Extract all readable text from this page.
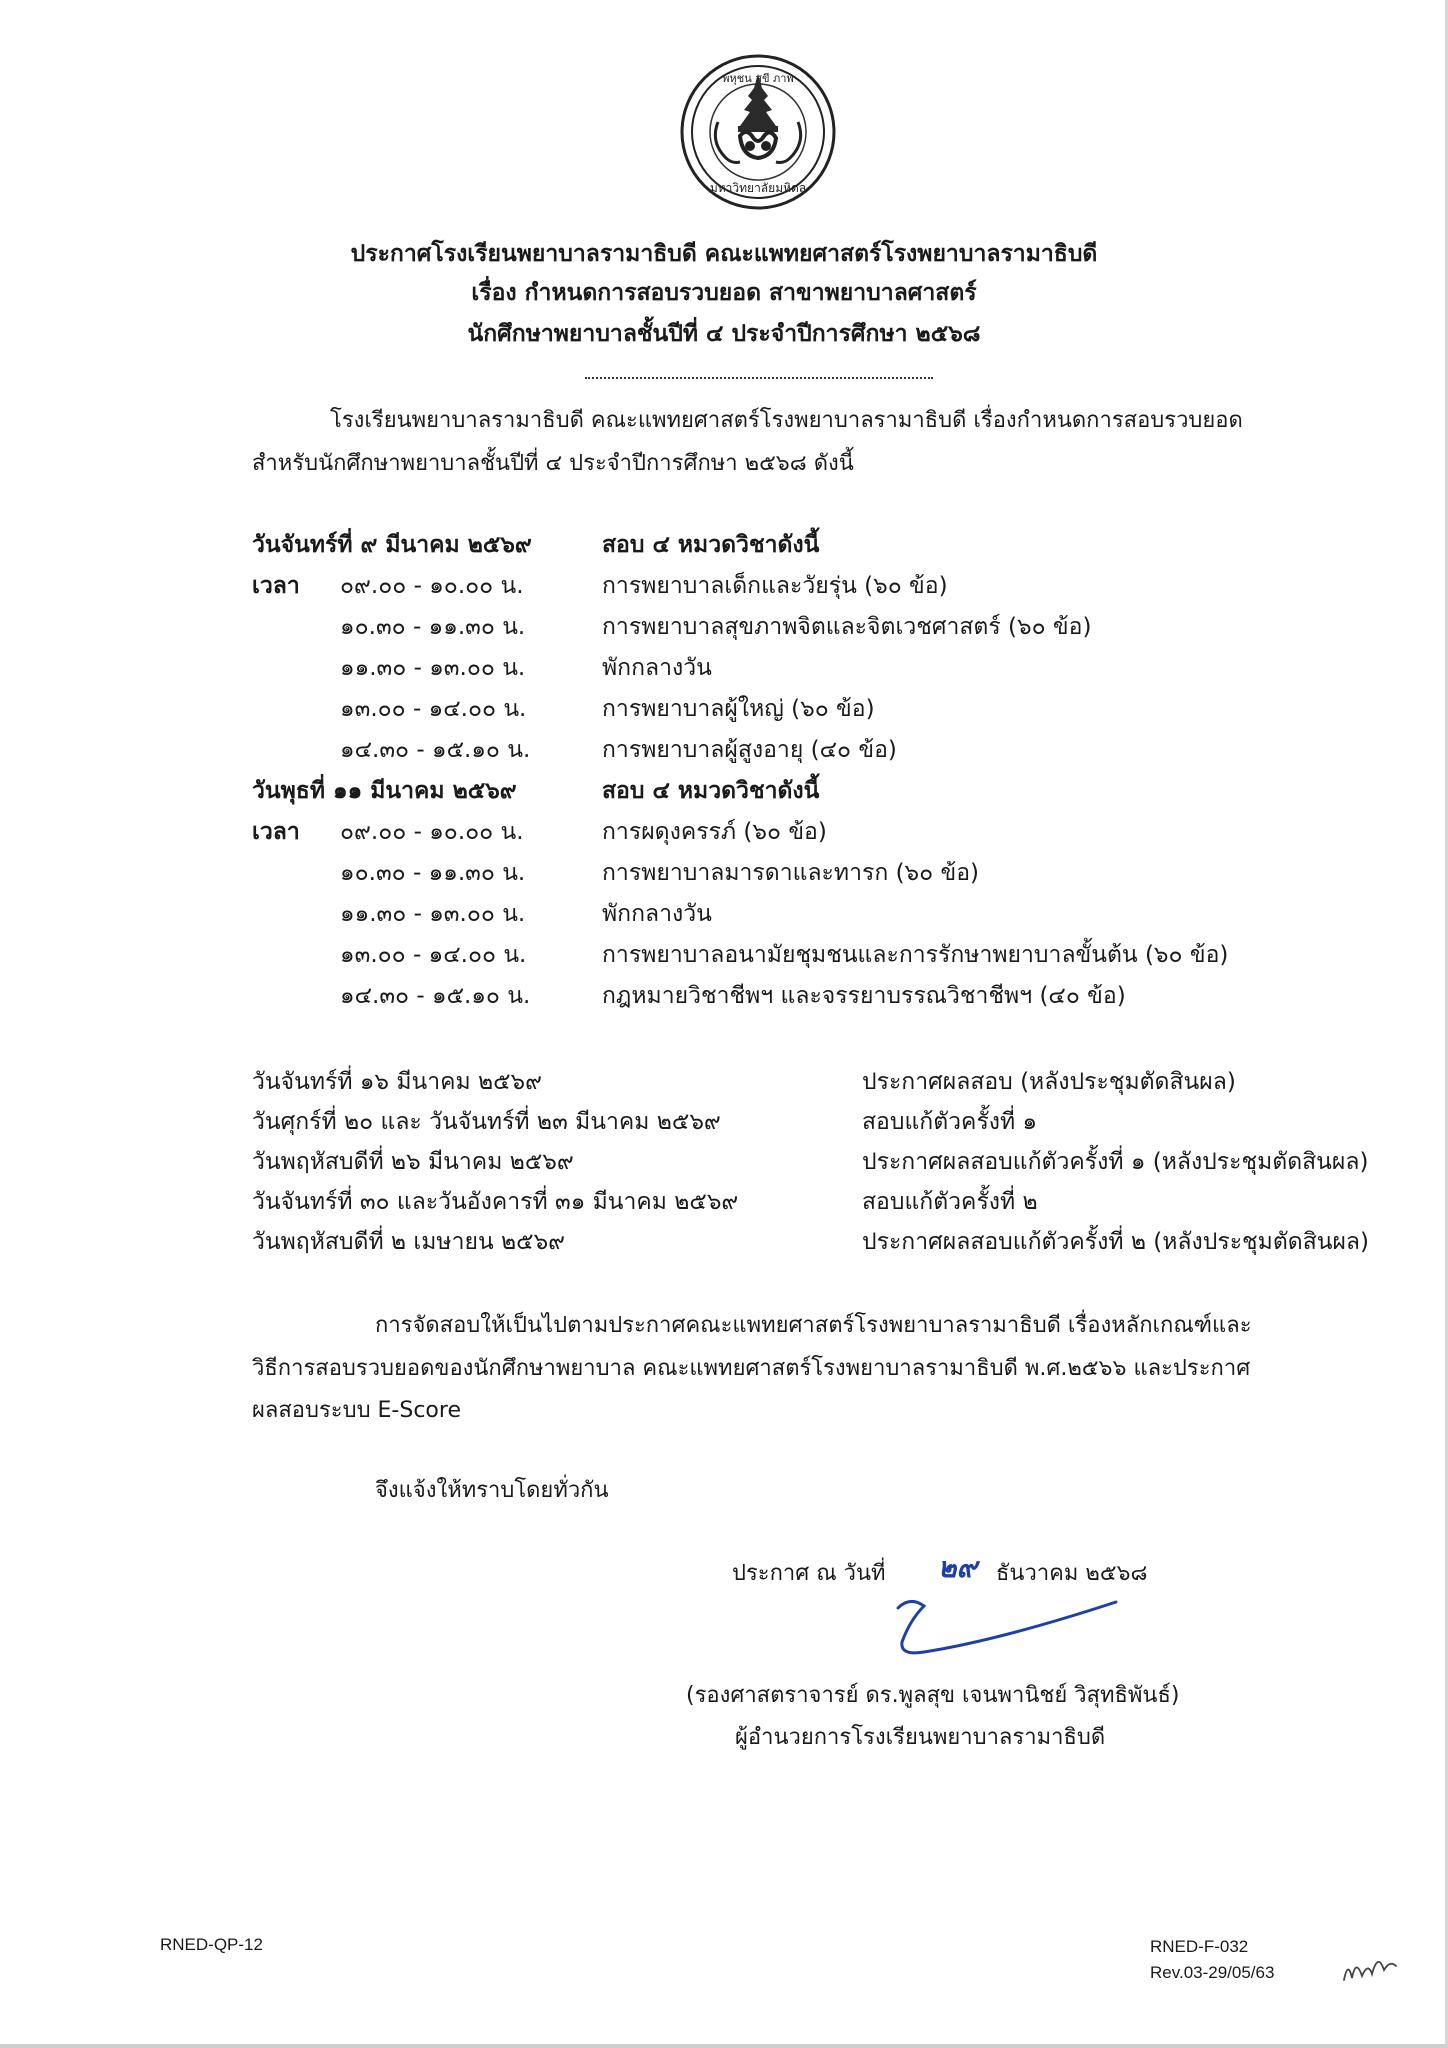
พหุชน สุขี ภาพ
มหาวิทยาลัยมหิดล
ประกาศโรงเรียนพยาบาลรามาธิบดี คณะแพทยศาสตร์โรงพยาบาลรามาธิบดี
เรื่อง กำหนดการสอบรวบยอด สาขาพยาบาลศาสตร์
นักศึกษาพยาบาลชั้นปีที่ ๔ ประจำปีการศึกษา ๒๕๖๘
โรงเรียนพยาบาลรามาธิบดี คณะแพทยศาสตร์โรงพยาบาลรามาธิบดี เรื่องกำหนดการสอบรวบยอด
สำหรับนักศึกษาพยาบาลชั้นปีที่ ๔ ประจำปีการศึกษา ๒๕๖๘ ดังนี้
วันจันทร์ที่ ๙ มีนาคม ๒๕๖๙	สอบ ๔ หมวดวิชาดังนี้
เวลา ๐๙.๐๐ - ๑๐.๐๐ น.	การพยาบาลเด็กและวัยรุ่น (๖๐ ข้อ)
๑๐.๓๐ - ๑๑.๓๐ น.	การพยาบาลสุขภาพจิตและจิตเวชศาสตร์ (๖๐ ข้อ)
๑๑.๓๐ - ๑๓.๐๐ น.	พักกลางวัน
๑๓.๐๐ - ๑๔.๐๐ น.	การพยาบาลผู้ใหญ่ (๖๐ ข้อ)
๑๔.๓๐ - ๑๕.๑๐ น.	การพยาบาลผู้สูงอายุ (๔๐ ข้อ)
วันพุธที่ ๑๑ มีนาคม ๒๕๖๙	สอบ ๔ หมวดวิชาดังนี้
เวลา ๐๙.๐๐ - ๑๐.๐๐ น.	การผดุงครรภ์ (๖๐ ข้อ)
๑๐.๓๐ - ๑๑.๓๐ น.	การพยาบาลมารดาและทารก (๖๐ ข้อ)
๑๑.๓๐ - ๑๓.๐๐ น.	พักกลางวัน
๑๓.๐๐ - ๑๔.๐๐ น.	การพยาบาลอนามัยชุมชนและการรักษาพยาบาลขั้นต้น (๖๐ ข้อ)
๑๔.๓๐ - ๑๕.๑๐ น.	กฎหมายวิชาชีพฯ และจรรยาบรรณวิชาชีพฯ (๔๐ ข้อ)
วันจันทร์ที่ ๑๖ มีนาคม ๒๕๖๙	ประกาศผลสอบ (หลังประชุมตัดสินผล)
วันศุกร์ที่ ๒๐ และ วันจันทร์ที่ ๒๓ มีนาคม ๒๕๖๙	สอบแก้ตัวครั้งที่ ๑
วันพฤหัสบดีที่ ๒๖ มีนาคม ๒๕๖๙	ประกาศผลสอบแก้ตัวครั้งที่ ๑ (หลังประชุมตัดสินผล)
วันจันทร์ที่ ๓๐ และวันอังคารที่ ๓๑ มีนาคม ๒๕๖๙	สอบแก้ตัวครั้งที่ ๒
วันพฤหัสบดีที่ ๒ เมษายน ๒๕๖๙	ประกาศผลสอบแก้ตัวครั้งที่ ๒ (หลังประชุมตัดสินผล)
การจัดสอบให้เป็นไปตามประกาศคณะแพทยศาสตร์โรงพยาบาลรามาธิบดี เรื่องหลักเกณฑ์และ
วิธีการสอบรวบยอดของนักศึกษาพยาบาล คณะแพทยศาสตร์โรงพยาบาลรามาธิบดี พ.ศ.๒๕๖๖ และประกาศ
ผลสอบระบบ E-Score
จึงแจ้งให้ทราบโดยทั่วกัน
ประกาศ ณ วันที่ ๒๙ ธันวาคม ๒๕๖๘
(รองศาสตราจารย์ ดร.พูลสุข เจนพานิชย์ วิสุทธิพันธ์)
ผู้อำนวยการโรงเรียนพยาบาลรามาธิบดี
RNED-QP-12	RNED-F-032
Rev.03-29/05/63
